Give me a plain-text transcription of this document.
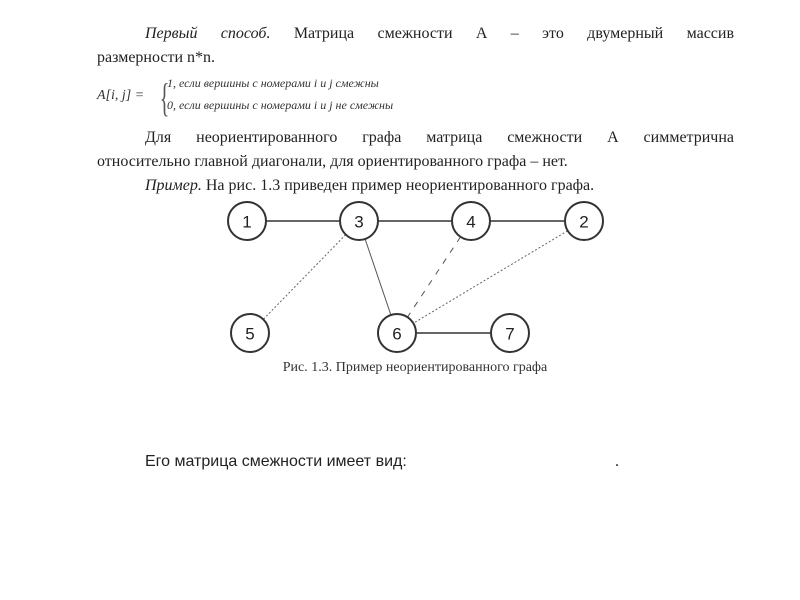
Первый способ. Матрица смежности А – это двумерный массив
размерности n*n.
A[i, j] = {
1, если вершины с номерами i и j смежны
0, если вершины с номерами i и j не смежны
Для неориентированного графа матрица смежности А симметрична
относительно главной диагонали, для ориентированного графа – нет.
Пример. На рис. 1.3 приведен пример неориентированного графа.
1	3	4	2
5	6	7
Рис. 1.3. Пример неориентированного графа
Его матрица смежности имеет вид:	.
